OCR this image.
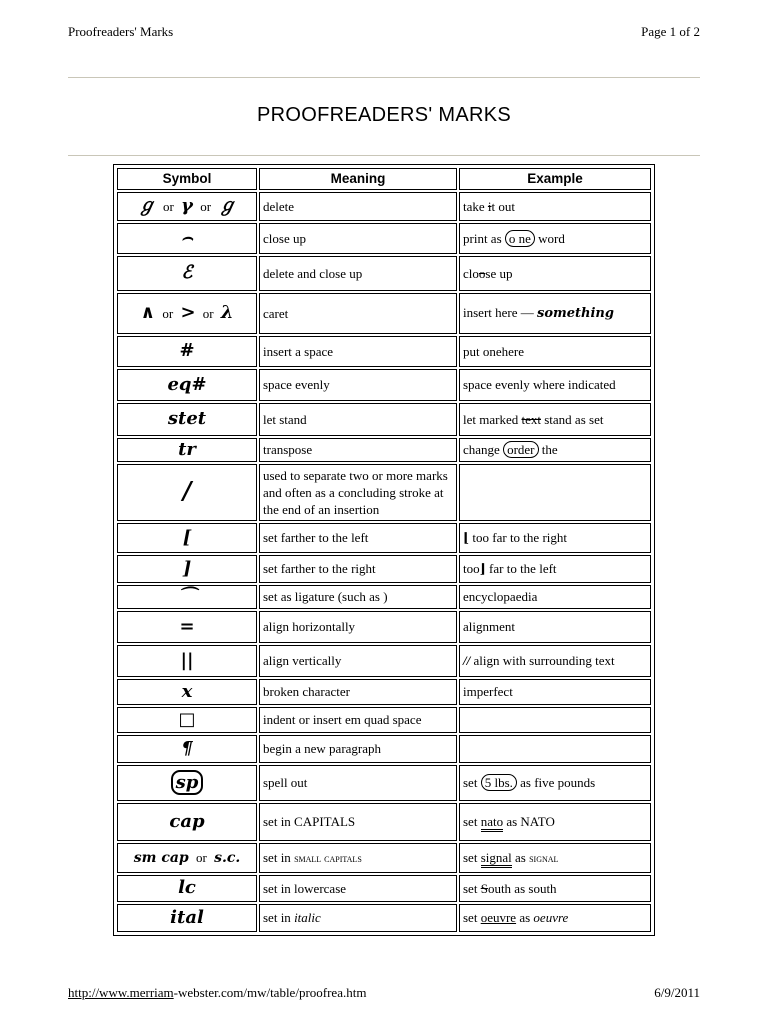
Proofreaders' Marks	Page 1 of 2
PROOFREADERS' MARKS
Symbol	Meaning	Example
ℊ or γ or ℊ	delete	take it out
⌢	close up	print as o ne word
ℰ	delete and close up	cloose up
∧ or > or λ	caret	insert here — something
#	insert a space	put onehere
eq#	space evenly	space evenly where indicated
stet	let stand	let marked text stand as set
tr	transpose	change order the
/	used to separate two or more marks and often as a concluding stroke at the end of an insertion	
[	set farther to the left	⌊ too far to the right
]	set farther to the right	too⌋ far to the left
⌒	set as ligature (such as )	encyclopaedia
=	align horizontally	alignment
||	align vertically	// align with surrounding text
x	broken character	imperfect
□	indent or insert em quad space	
¶	begin a new paragraph	
sp	spell out	set 5 lbs. as five pounds
cap	set in CAPITALS	set nato as NATO
sm cap or s.c.	set in small capitals	set signal as signal
lc	set in lowercase	set South as south
ital	set in italic	set oeuvre as oeuvre
http://www.merriam-webster.com/mw/table/proofrea.htm	6/9/2011
